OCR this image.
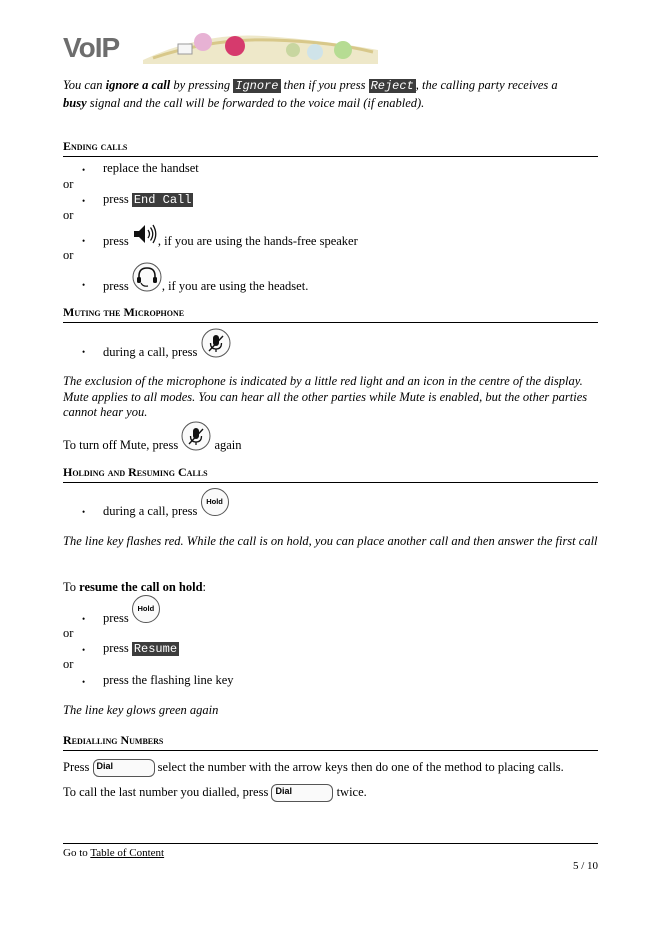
VoIP
You can ignore a call by pressing Ignore then if you press Reject , the calling party receives a
busy signal and the call will be forwarded to the voice mail (if enabled).
Ending calls
• replace the handset
or
• press End Call
or
• press , if you are using the hands-free speaker
or
• press , if you are using the headset.
Muting the Microphone
• during a call, press
The exclusion of the microphone is indicated by a little red light and an icon in the centre of the display. Mute applies to all modes. You can hear all the other parties while Mute is enabled, but the other parties cannot hear you.
To turn off Mute, press	again
Holding and Resuming Calls
• during a call, press Hold
The line key flashes red. While the call is on hold, you can place another call and then answer the first call
To resume the call on hold:
• press Hold
or
• press Resume
or
• press the flashing line key
The line key glows green again
Redialling Numbers
Press Dial	select the number with the arrow keys then do one of the method to placing calls.
To call the last number you dialled, press Dial	twice.
Go to Table of Content
5 / 10
